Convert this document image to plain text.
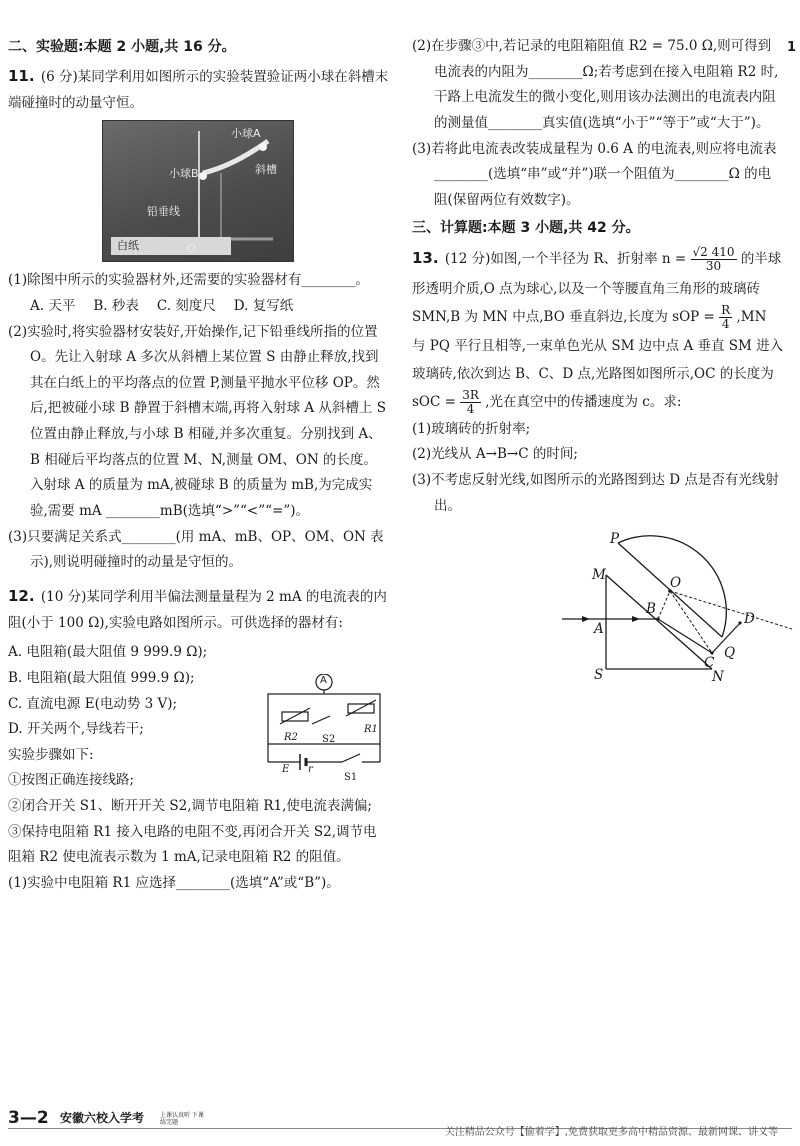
1
二、实验题:本题 2 小题,共 16 分。

11. (6 分)某同学利用如图所示的实验装置验证两小球在斜槽末端碰撞时的动量守恒。

小球A
小球B	斜槽
铅垂线
白纸	O

(1)除图中所示的实验器材外,还需要的实验器材有________。

A. 天平 B. 秒表 C. 刻度尺 D. 复写纸

(2)实验时,将实验器材安装好,开始操作,记下铅垂线所指的位置 O。先让入射球 A 多次从斜槽上某位置 S 由静止释放,找到其在白纸上的平均落点的位置 P,测量平抛水平位移 OP。然后,把被碰小球 B 静置于斜槽末端,再将入射球 A 从斜槽上 S 位置由静止释放,与小球 B 相碰,并多次重复。分别找到 A、B 相碰后平均落点的位置 M、N,测量 OM、ON 的长度。入射球 A 的质量为 mA,被碰球 B 的质量为 mB,为完成实验,需要 mA ________mB(选填“>”“<”“=”)。

(3)只要满足关系式________(用 mA、mB、OP、OM、ON 表示),则说明碰撞时的动量是守恒的。

12. (10 分)某同学利用半偏法测量量程为 2 mA 的电流表的内阻(小于 100 Ω),实验电路如图所示。可供选择的器材有:

A. 电阻箱(最大阻值 9 999.9 Ω);

B. 电阻箱(最大阻值 999.9 Ω);

C. 直流电源 E(电动势 3 V);

D. 开关两个,导线若干;

实验步骤如下:

①按图正确连接线路;

②闭合开关 S1、断开开关 S2,调节电阻箱 R1,使电流表满偏;

③保持电阻箱 R1 接入电路的电阻不变,再闭合开关 S2,调节电阻箱 R2 使电流表示数为 1 mA,记录电阻箱 R2 的阻值。

(1)实验中电阻箱 R1 应选择________(选填“A”或“B”)。

A
R1
R2 S2
S1
E r

(2)在步骤③中,若记录的电阻箱阻值 R2 = 75.0 Ω,则可得到电流表的内阻为________Ω;若考虑到在接入电阻箱 R2 时,干路上电流发生的微小变化,则用该办法测出的电流表内阻的测量值________真实值(选填“小于”“等于”或“大于”)。

(3)若将此电流表改装成量程为 0.6 A 的电流表,则应将电流表________(选填“串”或“并”)联一个阻值为________Ω 的电阻(保留两位有效数字)。

三、计算题:本题 3 小题,共 42 分。

13. (12 分)如图,一个半径为 R、折射率 $n = \frac{√2 410}{30}$ 的半球形透明介质,O 点为球心,以及一个等腰直角三角形的玻璃砖 SMN,B 为 MN 中点,BO 垂直斜边,长度为 sOP = $\frac{R}{4} ,MN$ 与 PQ 平行且相等,一束单色光从 SM 边中点 A 垂直 SM 进入玻璃砖,依次到达 B、C、D 点,光路图如图所示,OC 的长度为 sOC = $\frac{3R}{4}$ ,光在真空中的传播速度为 c。求:

(1)玻璃砖的折射率;

(2)光线从 A→B→C 的时间;

(3)不考虑反射光线,如图所示的光路图到达 D 点是否有光线射出。

P
M	O
A
B
D
C
Q
S	N
3—2 安徽六校入学考	上课认真听 下课练完题
关注精品公众号【偷着学】,免费获取更多高中精品资源、最新网课、讲义等
